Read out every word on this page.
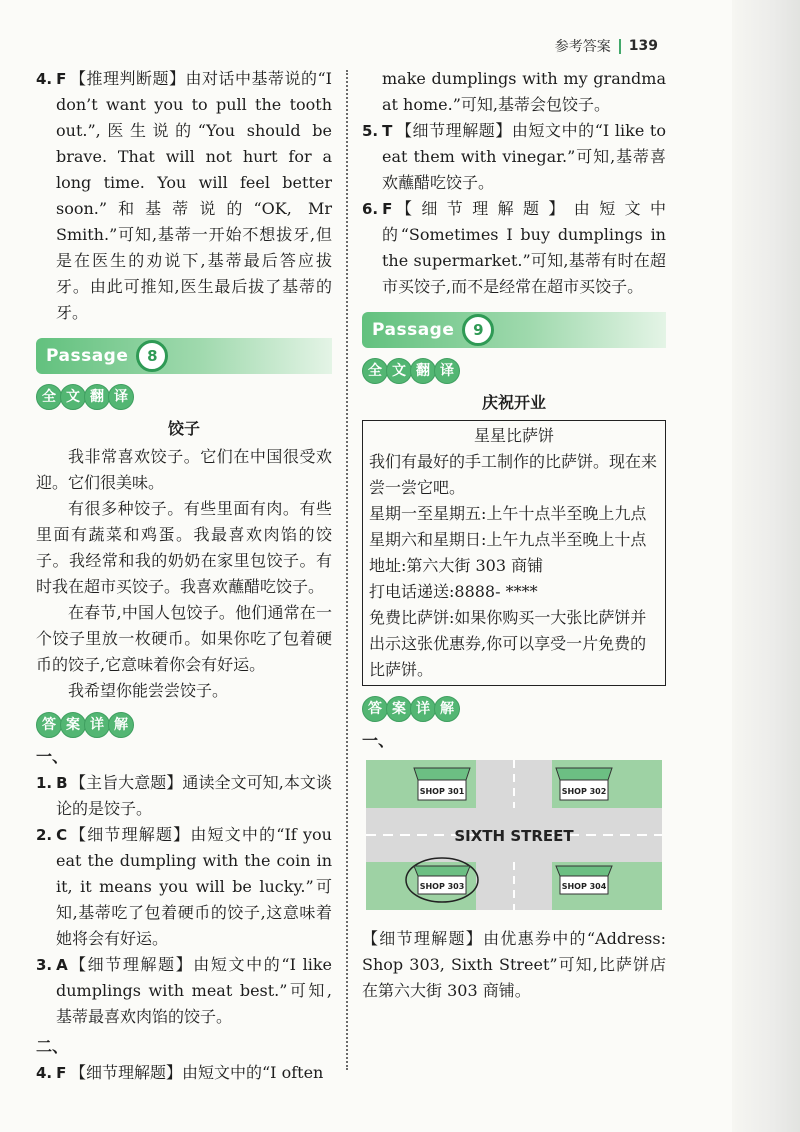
参考答案 139
4. F 【推理判断题】由对话中基蒂说的“I don’t want you to pull the tooth out.”,医生说的“You should be brave. That will not hurt for a long time. You will feel better soon.”和基蒂说的“OK, Mr Smith.”可知,基蒂一开始不想拔牙,但是在医生的劝说下,基蒂最后答应拔牙。由此可推知,医生最后拔了基蒂的牙。
Passage	8
全 文 翻 译
饺子

我非常喜欢饺子。它们在中国很受欢迎。它们很美味。

有很多种饺子。有些里面有肉。有些里面有蔬菜和鸡蛋。我最喜欢肉馅的饺子。我经常和我的奶奶在家里包饺子。有时我在超市买饺子。我喜欢蘸醋吃饺子。

在春节,中国人包饺子。他们通常在一个饺子里放一枚硬币。如果你吃了包着硬币的饺子,它意味着你会有好运。

我希望你能尝尝饺子。

答 案 详 解
一、
1. B 【主旨大意题】通读全文可知,本文谈论的是饺子。
2. C 【细节理解题】由短文中的“If you eat the dumpling with the coin in it, it means you will be lucky.”可知,基蒂吃了包着硬币的饺子,这意味着她将会有好运。
3. A 【细节理解题】由短文中的“I like dumplings with meat best.”可知,基蒂最喜欢肉馅的饺子。
二、
4. F 【细节理解题】由短文中的“I often
make dumplings with my grandma at home.”可知,基蒂会包饺子。
5. T 【细节理解题】由短文中的“I like to eat them with vinegar.”可知,基蒂喜欢蘸醋吃饺子。
6. F 【细节理解题】由短文中的“Sometimes I buy dumplings in the supermarket.”可知,基蒂有时在超市买饺子,而不是经常在超市买饺子。
Passage	9
全 文 翻 译
庆祝开业
星星比萨饼
我们有最好的手工制作的比萨饼。现在来尝一尝它吧。
星期一至星期五:上午十点半至晚上九点
星期六和星期日:上午九点半至晚上十点
地址:第六大街 303 商铺
打电话递送:8888- ****
免费比萨饼:如果你购买一大张比萨饼并出示这张优惠券,你可以享受一片免费的比萨饼。
答 案 详 解
一、
SIXTH STREET
SHOP 301	SHOP 302
SHOP 303	SHOP 304
【细节理解题】由优惠券中的“Address: Shop 303, Sixth Street”可知,比萨饼店在第六大街 303 商铺。
